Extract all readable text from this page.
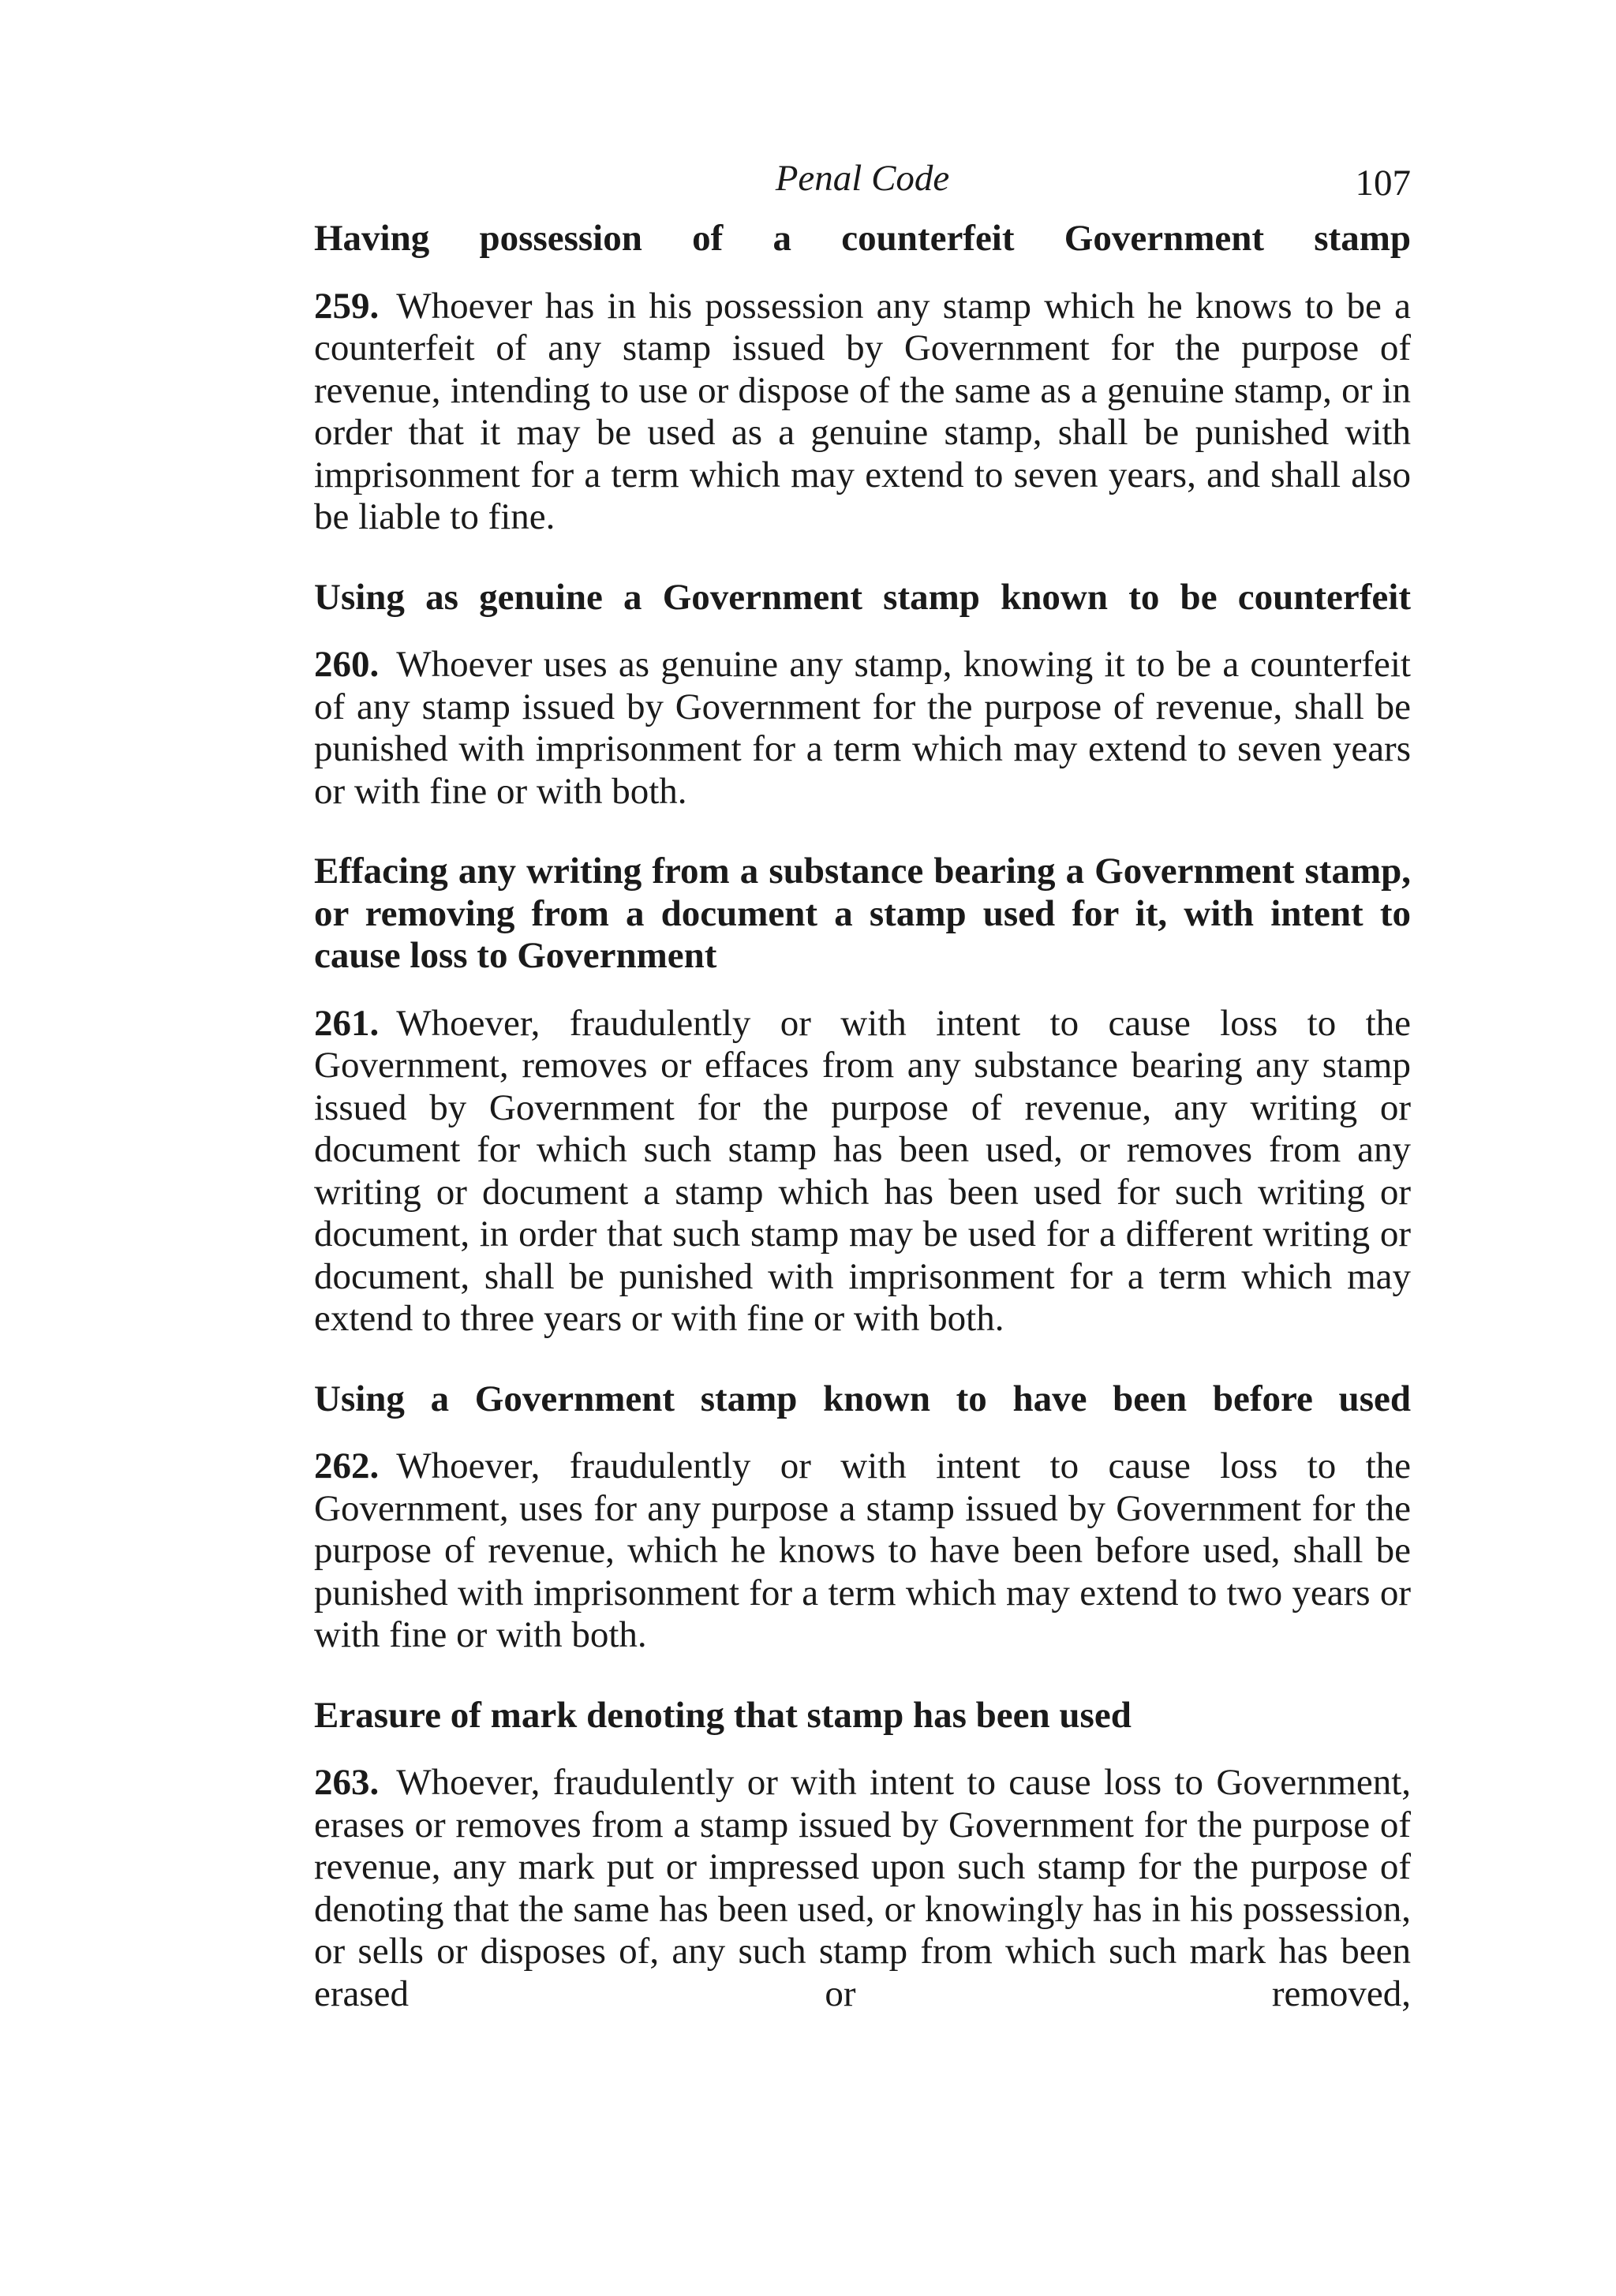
Penal Code	107

Having possession of a counterfeit Government stamp

259. Whoever has in his possession any stamp which he knows to be a counterfeit of any stamp issued by Government for the purpose of revenue, intending to use or dispose of the same as a genuine stamp, or in order that it may be used as a genuine stamp, shall be punished with imprisonment for a term which may extend to seven years, and shall also be liable to fine.

Using as genuine a Government stamp known to be counterfeit

260. Whoever uses as genuine any stamp, knowing it to be a counterfeit of any stamp issued by Government for the purpose of revenue, shall be punished with imprisonment for a term which may extend to seven years or with fine or with both.

Effacing any writing from a substance bearing a Government stamp, or removing from a document a stamp used for it, with intent to cause loss to Government

261. Whoever, fraudulently or with intent to cause loss to the Government, removes or effaces from any substance bearing any stamp issued by Government for the purpose of revenue, any writing or document for which such stamp has been used, or removes from any writing or document a stamp which has been used for such writing or document, in order that such stamp may be used for a different writing or document, shall be punished with imprisonment for a term which may extend to three years or with fine or with both.

Using a Government stamp known to have been before used

262. Whoever, fraudulently or with intent to cause loss to the Government, uses for any purpose a stamp issued by Government for the purpose of revenue, which he knows to have been before used, shall be punished with imprisonment for a term which may extend to two years or with fine or with both.

Erasure of mark denoting that stamp has been used

263. Whoever, fraudulently or with intent to cause loss to Government, erases or removes from a stamp issued by Government for the purpose of revenue, any mark put or impressed upon such stamp for the purpose of denoting that the same has been used, or knowingly has in his possession, or sells or disposes of, any such stamp from which such mark has been erased or removed,
